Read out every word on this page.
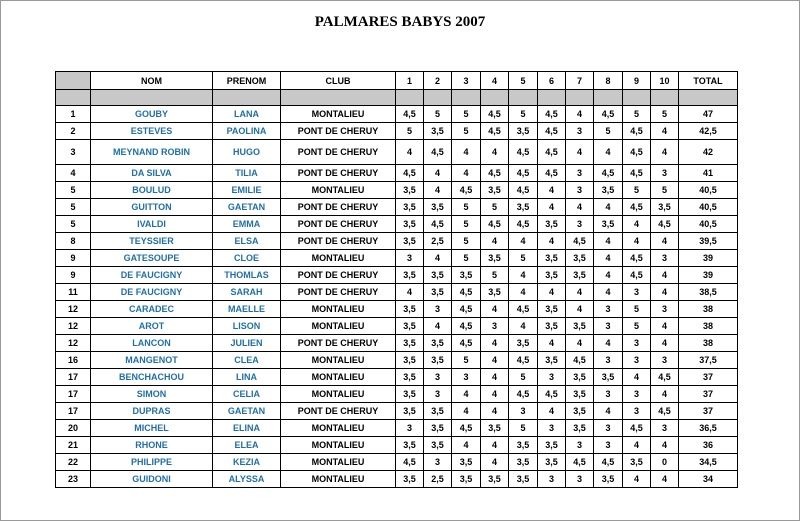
PALMARES BABYS 2007
	NOM	PRENOM	CLUB	1	2	3	4	5	6	7	8	9	10	TOTAL

1	GOUBY	LANA	MONTALIEU	4,5	5	5	4,5	5	4,5	4	4,5	5	5	47
2	ESTEVES	PAOLINA	PONT DE CHERUY	5	3,5	5	4,5	3,5	4,5	3	5	4,5	4	42,5
3	MEYNAND ROBIN	HUGO	PONT DE CHERUY	4	4,5	4	4	4,5	4,5	4	4	4,5	4	42
4	DA SILVA	TILIA	PONT DE CHERUY	4,5	4	4	4,5	4,5	4,5	3	4,5	4,5	3	41
5	BOULUD	EMILIE	MONTALIEU	3,5	4	4,5	3,5	4,5	4	3	3,5	5	5	40,5
5	GUITTON	GAETAN	PONT DE CHERUY	3,5	3,5	5	5	3,5	4	4	4	4,5	3,5	40,5
5	IVALDI	EMMA	PONT DE CHERUY	3,5	4,5	5	4,5	4,5	3,5	3	3,5	4	4,5	40,5
8	TEYSSIER	ELSA	PONT DE CHERUY	3,5	2,5	5	4	4	4	4,5	4	4	4	39,5
9	GATESOUPE	CLOE	MONTALIEU	3	4	5	3,5	5	3,5	3,5	4	4,5	3	39
9	DE FAUCIGNY	THOMLAS	PONT DE CHERUY	3,5	3,5	3,5	5	4	3,5	3,5	4	4,5	4	39
11	DE FAUCIGNY	SARAH	PONT DE CHERUY	4	3,5	4,5	3,5	4	4	4	4	3	4	38,5
12	CARADEC	MAELLE	MONTALIEU	3,5	3	4,5	4	4,5	3,5	4	3	5	3	38
12	AROT	LISON	MONTALIEU	3,5	4	4,5	3	4	3,5	3,5	3	5	4	38
12	LANCON	JULIEN	PONT DE CHERUY	3,5	3,5	4,5	4	3,5	4	4	4	3	4	38
16	MANGENOT	CLEA	MONTALIEU	3,5	3,5	5	4	4,5	3,5	4,5	3	3	3	37,5
17	BENCHACHOU	LINA	MONTALIEU	3,5	3	3	4	5	3	3,5	3,5	4	4,5	37
17	SIMON	CELIA	MONTALIEU	3,5	3	4	4	4,5	4,5	3,5	3	3	4	37
17	DUPRAS	GAETAN	PONT DE CHERUY	3,5	3,5	4	4	3	4	3,5	4	3	4,5	37
20	MICHEL	ELINA	MONTALIEU	3	3,5	4,5	3,5	5	3	3,5	3	4,5	3	36,5
21	RHONE	ELEA	MONTALIEU	3,5	3,5	4	4	3,5	3,5	3	3	4	4	36
22	PHILIPPE	KEZIA	MONTALIEU	4,5	3	3,5	4	3,5	3,5	4,5	4,5	3,5	0	34,5
23	GUIDONI	ALYSSA	MONTALIEU	3,5	2,5	3,5	3,5	3,5	3	3	3,5	4	4	34
